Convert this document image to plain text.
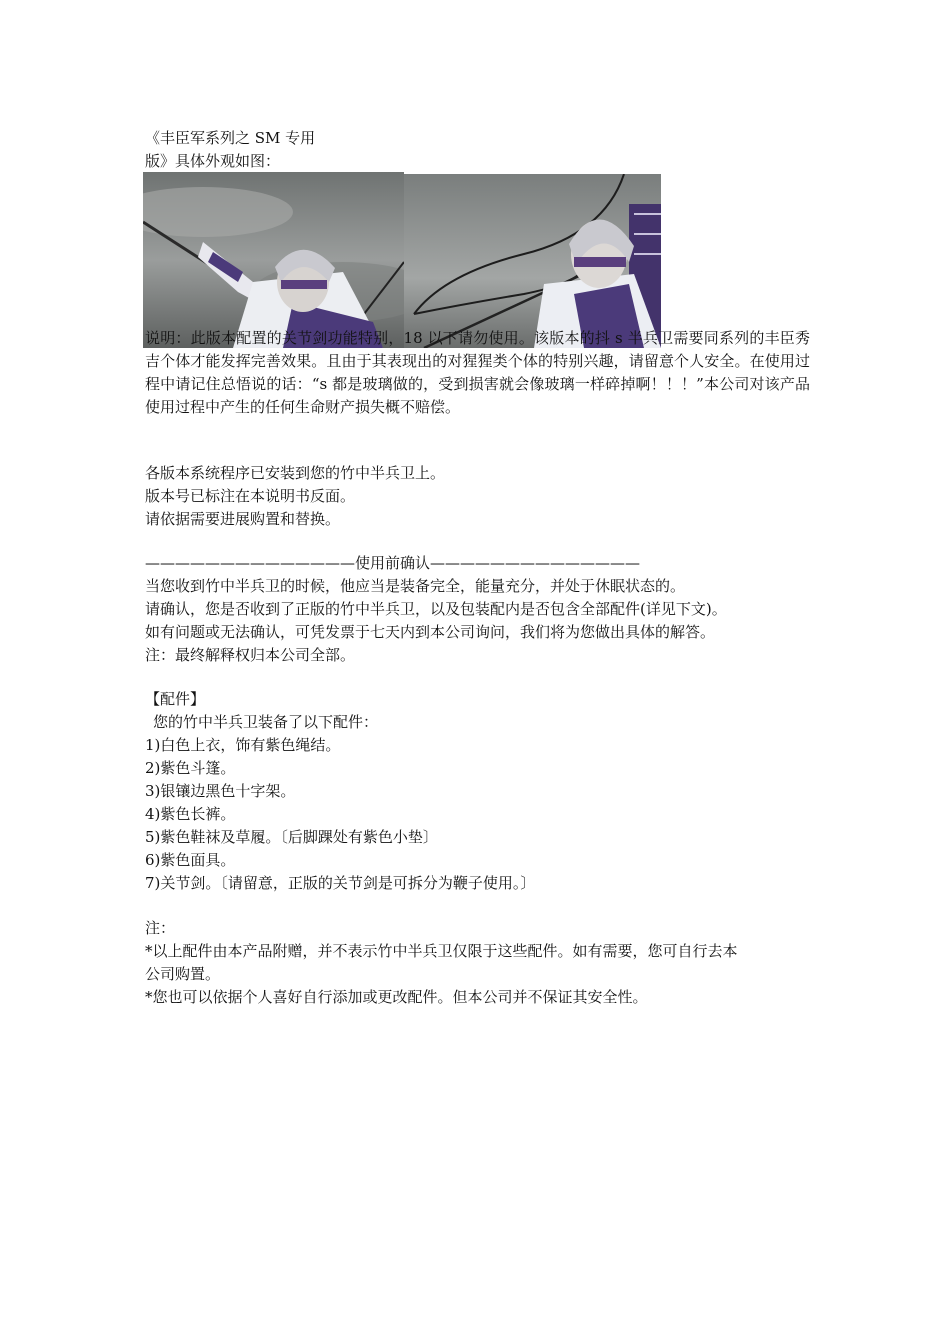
《丰臣军系列之 SM 专用
版》具体外观如图：
说明：此版本配置的关节剑功能特别，18 以下请勿使用。该版本的抖 s 半兵卫需要同系列的丰臣秀吉个体才能发挥完善效果。且由于其表现出的对猩猩类个体的特别兴趣，请留意个人安全。在使用过程中请记住总悟说的话：“s 都是玻璃做的，受到损害就会像玻璃一样碎掉啊！！！”本公司对该产品使用过程中产生的任何生命财产损失概不赔偿。
各版本系统程序已安装到您的竹中半兵卫上。
版本号已标注在本说明书反面。
请依据需要进展购置和替换。
——————————————使用前确认——————————————
当您收到竹中半兵卫的时候，他应当是装备完全，能量充分，并处于休眠状态的。
请确认，您是否收到了正版的竹中半兵卫，以及包装配内是否包含全部配件(详见下文)。
如有问题或无法确认，可凭发票于七天内到本公司询问，我们将为您做出具体的解答。
注：最终解释权归本公司全部。
【配件】
您的竹中半兵卫装备了以下配件：
1)白色上衣，饰有紫色绳结。
2)紫色斗篷。
3)银镶边黑色十字架。
4)紫色长裤。
5)紫色鞋袜及草履。〔后脚踝处有紫色小垫〕
6)紫色面具。
7)关节剑。〔请留意，正版的关节剑是可拆分为鞭子使用。〕
注：
*以上配件由本产品附赠，并不表示竹中半兵卫仅限于这些配件。如有需要，您可自行去本
公司购置。
*您也可以依据个人喜好自行添加或更改配件。但本公司并不保证其安全性。
